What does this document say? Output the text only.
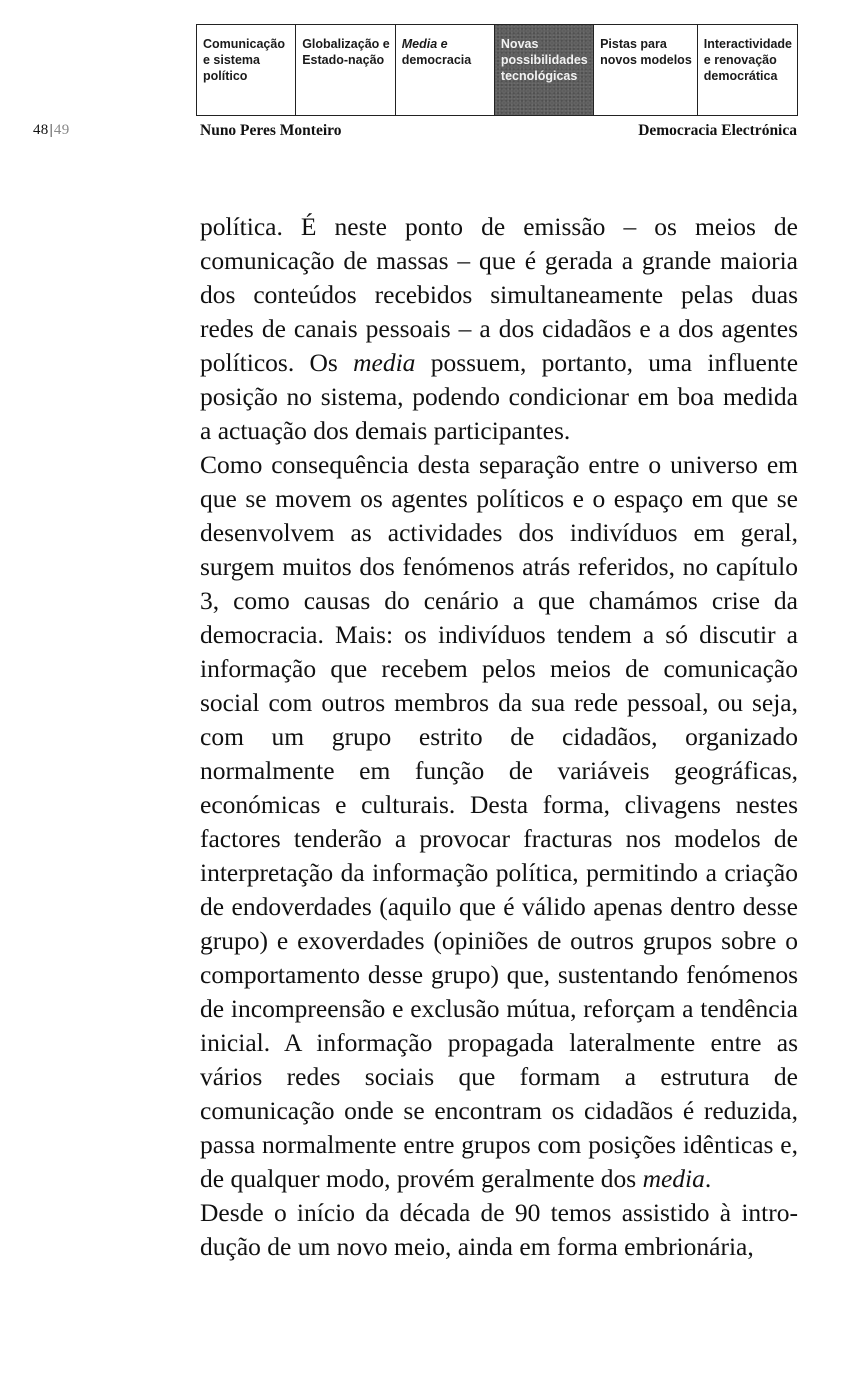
Comunicação
e sistema
político
Globalização e
Estado-nação
Media e
democracia
Novas
possibilidades
tecnológicas
Pistas para
novos modelos
Interactividade
e renovação
democrática
48|49	Nuno Peres Monteiro	Democracia Electrónica

política. É neste ponto de emissão – os meios de comunicação de massas – que é gerada a grande maioria dos conteúdos recebidos simultaneamente pelas duas redes de canais pessoais – a dos cidadãos e a dos agentes políticos. Os media possuem, portanto, uma influente posição no sistema, podendo condicionar em boa medida a actuação dos demais participantes.

Como consequência desta separação entre o universo em que se movem os agentes políticos e o espaço em que se desenvolvem as actividades dos indivíduos em geral, surgem muitos dos fenómenos atrás referidos, no capítulo 3, como causas do cenário a que chamámos crise da democracia. Mais: os indivíduos tendem a só discutir a informação que recebem pelos meios de comunicação social com outros membros da sua rede pessoal, ou seja, com um grupo estrito de cidadãos, organizado normalmente em função de variáveis geográficas, económicas e culturais. Desta forma, clivagens nestes factores tenderão a provocar fracturas nos modelos de interpretação da informação política, permitindo a criação de endoverdades (aquilo que é válido apenas dentro desse grupo) e exoverdades (opiniões de outros grupos sobre o comportamento desse grupo) que, sustentando fenómenos de incompreensão e exclusão mútua, reforçam a tendência inicial. A informação propagada lateralmente entre as vários redes sociais que formam a estrutura de comunicação onde se encontram os cidadãos é reduzida, passa normalmente entre grupos com posições idênticas e, de qualquer modo, provém geralmente dos media.

Desde o início da década de 90 temos assistido à introdução de um novo meio, ainda em forma embrionária,
